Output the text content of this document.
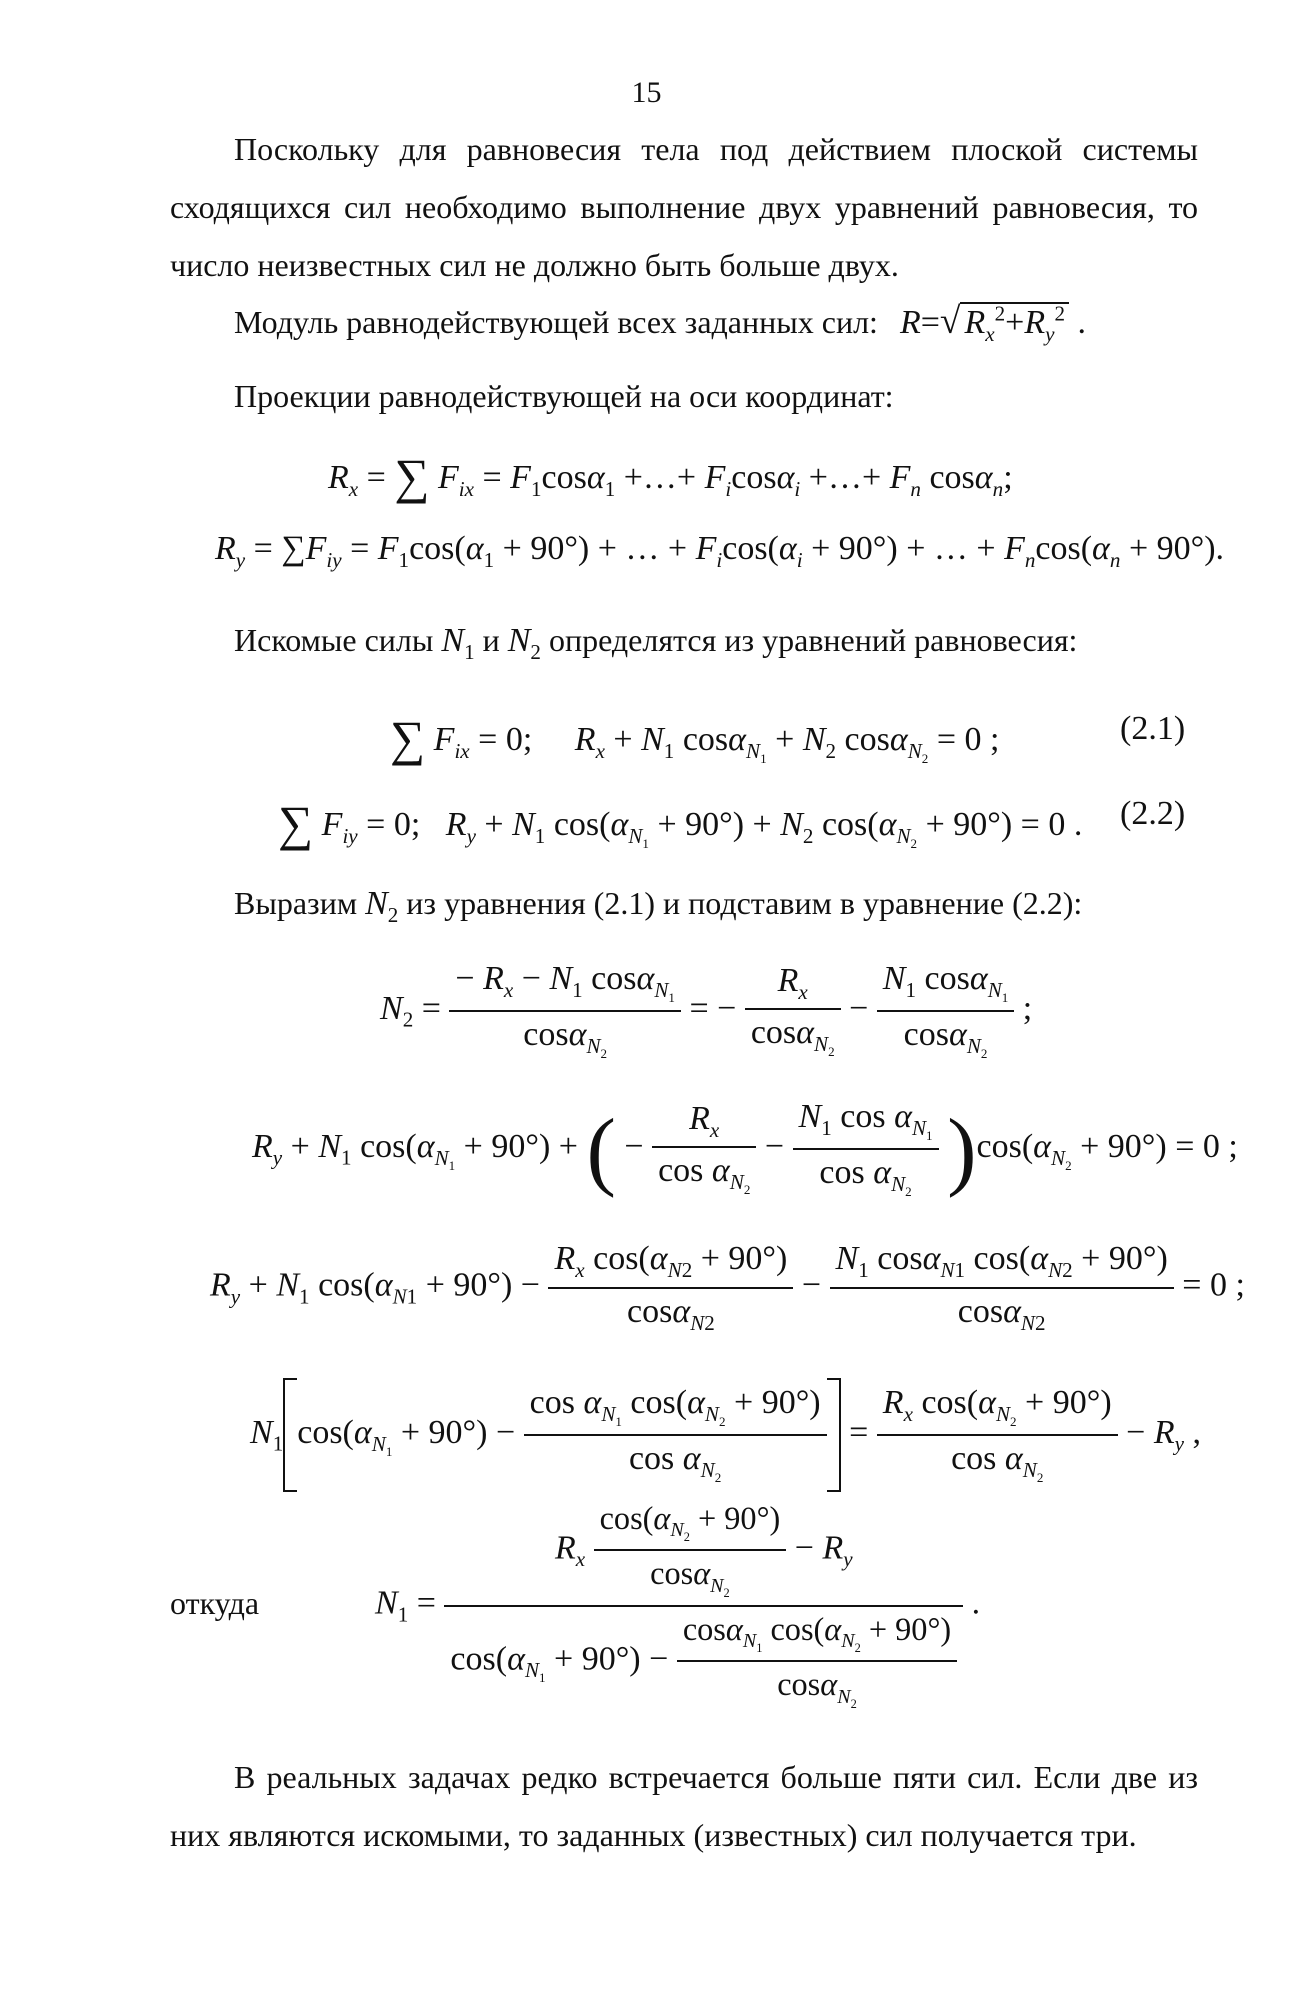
15
Поскольку для равновесия тела под действием плоской системы сходящихся сил необходимо выполнение двух уравнений равновесия, то число неизвестных сил не должно быть больше двух.
Модуль равнодействующей всех заданных сил: R=√ $R_x^2+R_y^2$ .
Проекции равнодействующей на оси координат:
$R_x$ = ∑ $F_{ix} = F_1\cos\alpha_1$ +…+ $F_i\cos\alpha_i$ +…+ $F_n$ cosα$_n$;
$R_y = \sum F_{iy} = F_1\cos(\alpha_1 + 90^\circ)$ + … + $F_i\cos(\alpha_i + 90^\circ)$ + … + $F_n\cos(\alpha_n + 90^\circ)$.
Искомые силы $N_1$ и $N_2$ определятся из уравнений равновесия:
∑ $F_{ix} = 0$;     $R_x + N_1$ $\cos\alpha_{N_1} + N_2$ cosα$_{N_2}$ = 0 ;	(2.1)
∑ $F_{iy} = 0$;   $R_y + N_1$ $\cos(\alpha_{N_1} + 90^\circ) + N_2$ $\cos(\alpha_{N_2} + 90^\circ) = 0$ . (2.2)
Выразим $N_2$ из уравнения (2.1) и подставим в уравнение (2.2):
$N_2 = \frac{- R_x - N_1 \cos\alpha_{N_1}}{\cos\alpha_{N_2}}$ = − $\frac{R_x}{\cos\alpha_{N_2}} - \frac{N_1 \cos\alpha_{N_1}}{\cos\alpha_{N_2}}$ ;
$R_y + N_1$ $\cos(\alpha_{N_1} + 90^\circ)$ + ( − $\frac{R_x}{\cos \alpha_{N_2}} - \frac{N_1 \cos \alpha_{N_1}}{\cos \alpha_{N_2}} )\cos(\alpha_{N_2} + 90^\circ) = 0$ ;
$R_y + N_1$ $\cos(\alpha_{N1} + 90^\circ) - \frac{R_x \cos(\alpha_{N2} + 90^\circ)}{\cos\alpha_{N2}} - \frac{N_1 \cos\alpha_{N1} \cos(\alpha_{N2} + 90^\circ)}{\cos\alpha_{N2}} = 0$ ;
$N_1$ $\cos(\alpha_{N_1} + 90^\circ) - \frac{\cos \alpha_{N_1} \cos(\alpha_{N_2} + 90^\circ)}{\cos \alpha_{N_2}} = \frac{R_x \cos(\alpha_{N_2} + 90^\circ)}{\cos \alpha_{N_2}} - R_y$ ,
откуда	$N_1 = \frac{R_x \frac{\cos(\alpha_{N_2} + 90^\circ)}{\cos\alpha_{N_2}} - R_y}{\cos(\alpha_{N_1} + 90^\circ) - \frac{\cos\alpha_{N_1} \cos(\alpha_{N_2} + 90^\circ)}{\cos\alpha_{N_2}}}$ .
В реальных задачах редко встречается больше пяти сил. Если две из них являются искомыми, то заданных (известных) сил получается три.
